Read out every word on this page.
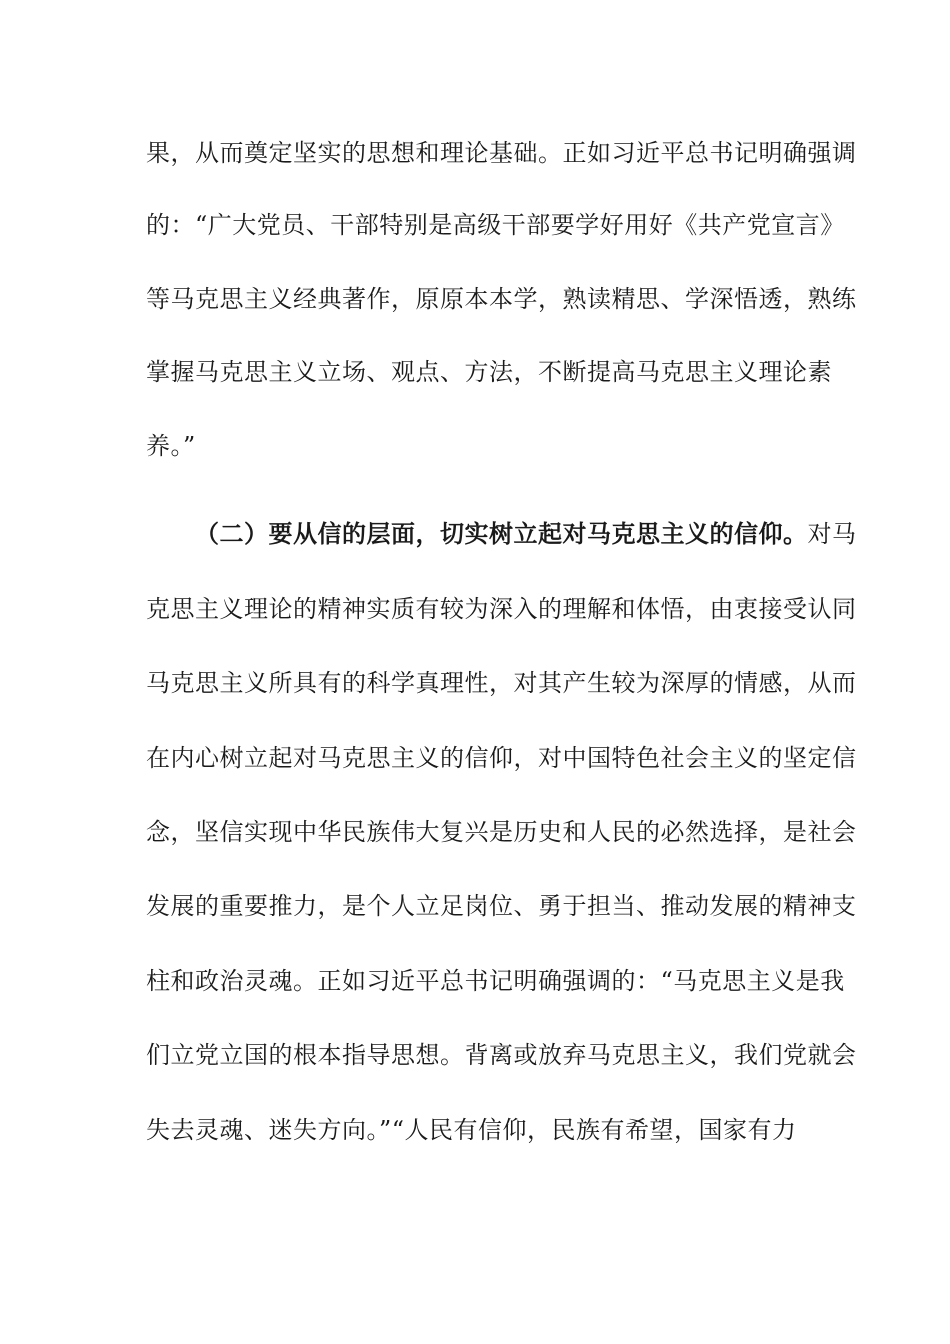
果，从而奠定坚实的思想和理论基础。正如习近平总书记明确强调
的：“广大党员、干部特别是高级干部要学好用好《共产党宣言》
等马克思主义经典著作，原原本本学，熟读精思、学深悟透，熟练
掌握马克思主义立场、观点、方法，不断提高马克思主义理论素
养。”
（二）要从信的层面，切实树立起对马克思主义的信仰。对马
克思主义理论的精神实质有较为深入的理解和体悟，由衷接受认同
马克思主义所具有的科学真理性，对其产生较为深厚的情感，从而
在内心树立起对马克思主义的信仰，对中国特色社会主义的坚定信
念，坚信实现中华民族伟大复兴是历史和人民的必然选择，是社会
发展的重要推力，是个人立足岗位、勇于担当、推动发展的精神支
柱和政治灵魂。正如习近平总书记明确强调的：“马克思主义是我
们立党立国的根本指导思想。背离或放弃马克思主义，我们党就会
失去灵魂、迷失方向。”“人民有信仰，民族有希望，国家有力
